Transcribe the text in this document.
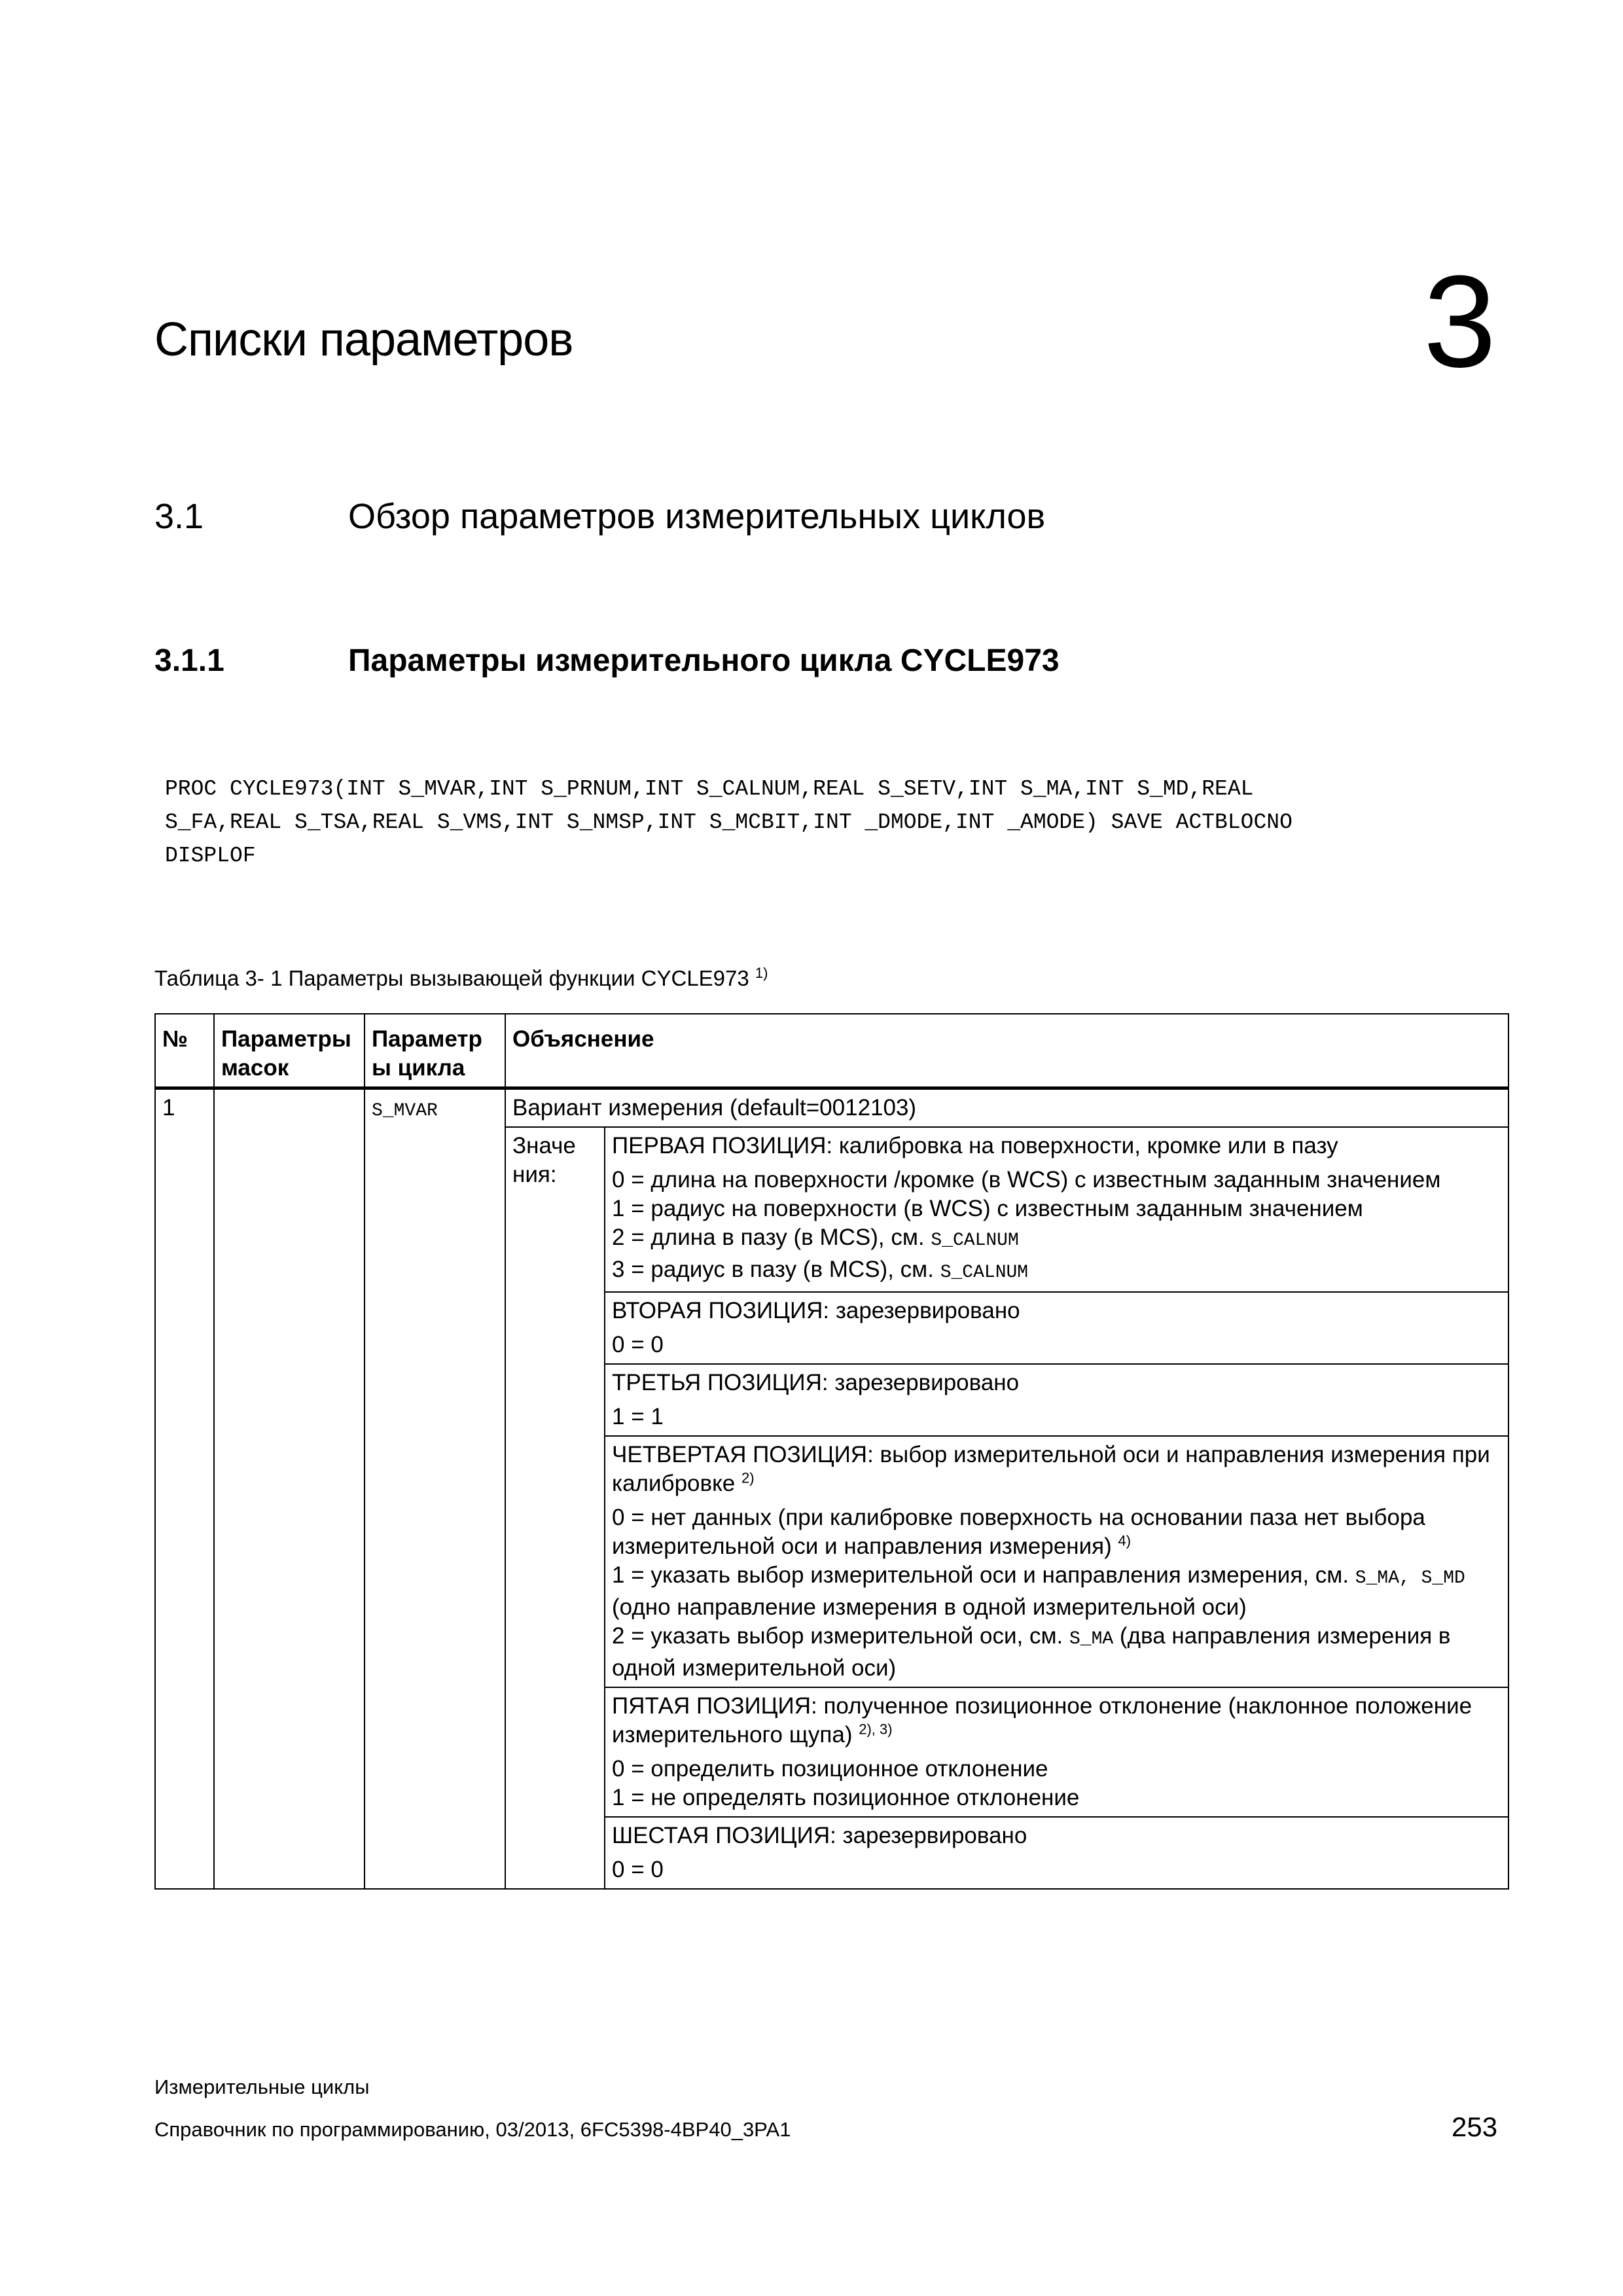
Списки параметров	3
3.1	Обзор параметров измерительных циклов
3.1.1	Параметры измерительного цикла CYCLE973
PROC CYCLE973(INT S_MVAR,INT S_PRNUM,INT S_CALNUM,REAL S_SETV,INT S_MA,INT S_MD,REAL
S_FA,REAL S_TSA,REAL S_VMS,INT S_NMSP,INT S_MCBIT,INT _DMODE,INT _AMODE) SAVE ACTBLOCNO
DISPLOF
Таблица 3- 1 Параметры вызывающей функции CYCLE973 $^{1)}$
№	Параметры масок	Параметр ы цикла	Объяснение	
1		S_MVAR	Вариант измерения (default=0012103)	
			Значе ния:	ПЕРВАЯ ПОЗИЦИЯ: калибровка на поверхности, кромке или в пазу
0 = длина на поверхности /кромке (в WCS) с известным заданным значением
1 = радиус на поверхности (в WCS) с известным заданным значением
2 = длина в пазу (в MCS), см. S_CALNUM
3 = радиус в пазу (в MCS), см. S_CALNUM

				ВТОРАЯ ПОЗИЦИЯ: зарезервировано
0 = 0

				ТРЕТЬЯ ПОЗИЦИЯ: зарезервировано
1 = 1

				ЧЕТВЕРТАЯ ПОЗИЦИЯ: выбор измерительной оси и направления измерения при калибровке $^{2)}$
0 = нет данных (при калибровке поверхность на основании паза нет выбора измерительной оси и направления измерения) $^{4)}$
1 = указать выбор измерительной оси и направления измерения, см. S_MA, S_MD (одно направление измерения в одной измерительной оси)
2 = указать выбор измерительной оси, см. S_MA (два направления измерения в одной измерительной оси)

				ПЯТАЯ ПОЗИЦИЯ: полученное позиционное отклонение (наклонное положение измерительного щупа) $^{2), 3)}$
0 = определить позиционное отклонение
1 = не определять позиционное отклонение

				ШЕСТАЯ ПОЗИЦИЯ: зарезервировано
0 = 0
Измерительные циклы
Справочник по программированию, 03/2013, 6FC5398-4BP40_3PA1	253
